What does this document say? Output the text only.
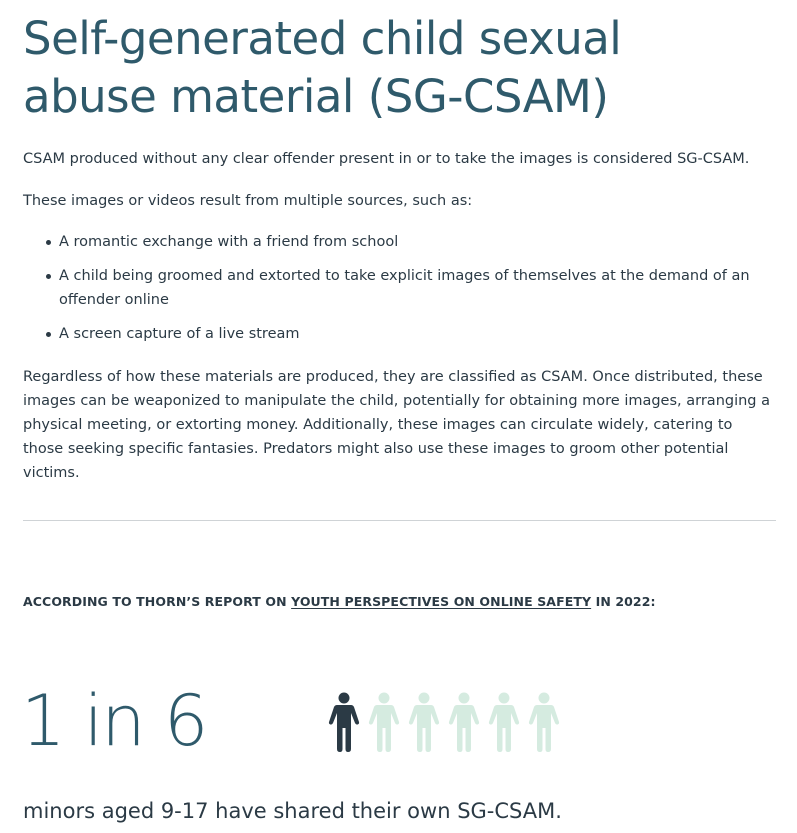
Self-generated child sexual abuse material (SG-CSAM)

CSAM produced without any clear offender present in or to take the images is considered SG-CSAM.

These images or videos result from multiple sources, such as:

A romantic exchange with a friend from school
A child being groomed and extorted to take explicit images of themselves at the demand of an offender online
A screen capture of a live stream

Regardless of how these materials are produced, they are classified as CSAM. Once distributed, these images can be weaponized to manipulate the child, potentially for obtaining more images, arranging a physical meeting, or extorting money. Additionally, these images can circulate widely, catering to those seeking specific fantasies. Predators might also use these images to groom other potential victims.

ACCORDING TO THORN’S REPORT ON YOUTH PERSPECTIVES ON ONLINE SAFETY IN 2022:
1 in 6
minors aged 9-17 have shared their own SG-CSAM.
